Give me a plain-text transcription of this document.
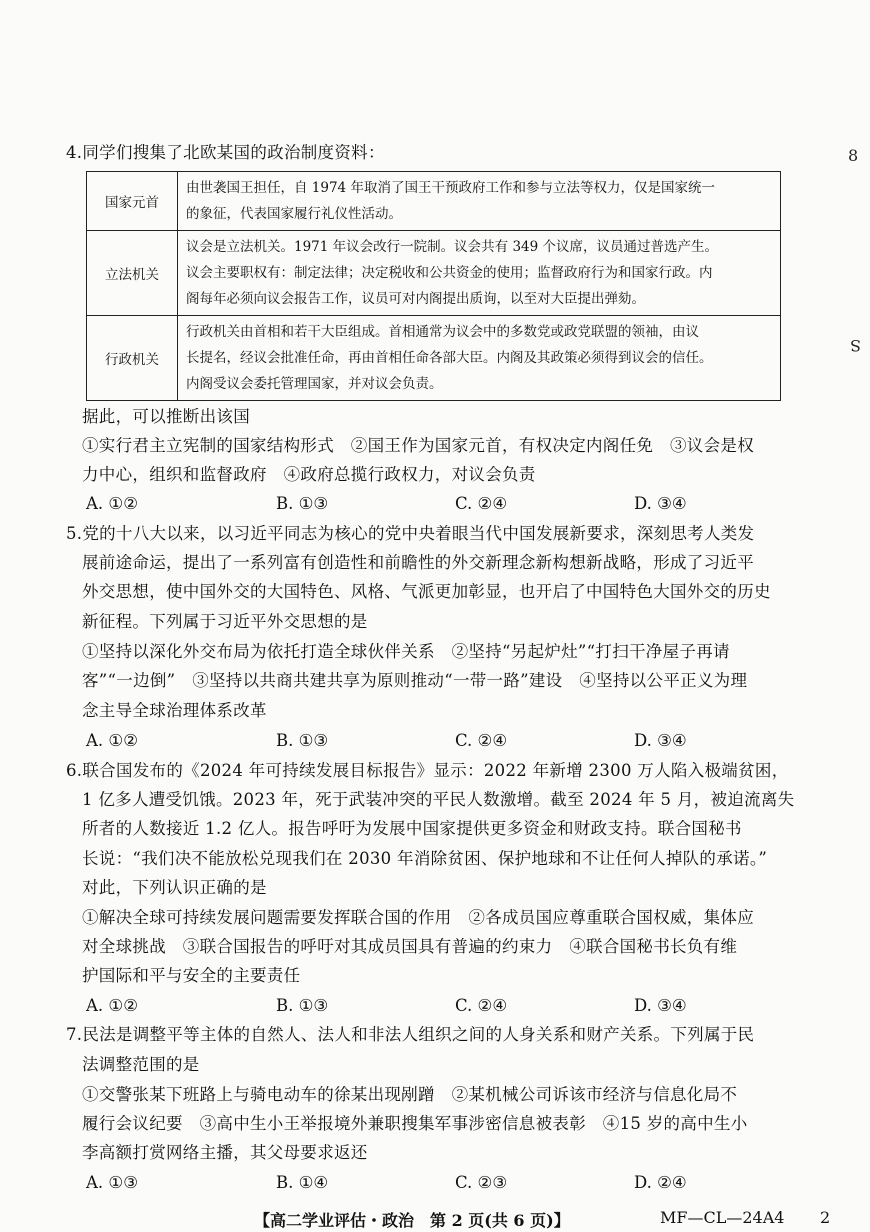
8
S
4.同学们搜集了北欧某国的政治制度资料：
国家元首	由世袭国王担任，自 1974 年取消了国王干预政府工作和参与立法等权力，仅是国家统一
的象征，代表国家履行礼仪性活动。

立法机关	议会是立法机关。1971 年议会改行一院制。议会共有 349 个议席，议员通过普选产生。
议会主要职权有：制定法律；决定税收和公共资金的使用；监督政府行为和国家行政。内
阁每年必须向议会报告工作，议员可对内阁提出质询，以至对大臣提出弹劾。

行政机关	行政机关由首相和若干大臣组成。首相通常为议会中的多数党或政党联盟的领袖，由议
长提名，经议会批准任命，再由首相任命各部大臣。内阁及其政策必须得到议会的信任。
内阁受议会委托管理国家，并对议会负责。
据此，可以推断出该国
①实行君主立宪制的国家结构形式　②国王作为国家元首，有权决定内阁任免　③议会是权
力中心，组织和监督政府　④政府总揽行政权力，对议会负责
A. ①②	B. ①③	C. ②④	D. ③④
5.党的十八大以来，以习近平同志为核心的党中央着眼当代中国发展新要求，深刻思考人类发
展前途命运，提出了一系列富有创造性和前瞻性的外交新理念新构想新战略，形成了习近平
外交思想，使中国外交的大国特色、风格、气派更加彰显，也开启了中国特色大国外交的历史
新征程。下列属于习近平外交思想的是
①坚持以深化外交布局为依托打造全球伙伴关系　②坚持“另起炉灶”“打扫干净屋子再请
客”“一边倒”　③坚持以共商共建共享为原则推动“一带一路”建设　④坚持以公平正义为理
念主导全球治理体系改革
A. ①②	B. ①③	C. ②④	D. ③④
6.联合国发布的《2024 年可持续发展目标报告》显示：2022 年新增 2300 万人陷入极端贫困，
1 亿多人遭受饥饿。2023 年，死于武装冲突的平民人数激增。截至 2024 年 5 月，被迫流离失
所者的人数接近 1.2 亿人。报告呼吁为发展中国家提供更多资金和财政支持。联合国秘书
长说：“我们决不能放松兑现我们在 2030 年消除贫困、保护地球和不让任何人掉队的承诺。”
对此，下列认识正确的是
①解决全球可持续发展问题需要发挥联合国的作用　②各成员国应尊重联合国权威，集体应
对全球挑战　③联合国报告的呼吁对其成员国具有普遍的约束力　④联合国秘书长负有维
护国际和平与安全的主要责任
A. ①②	B. ①③	C. ②④	D. ③④
7.民法是调整平等主体的自然人、法人和非法人组织之间的人身关系和财产关系。下列属于民
法调整范围的是
①交警张某下班路上与骑电动车的徐某出现剐蹭　②某机械公司诉该市经济与信息化局不
履行会议纪要　③高中生小王举报境外兼职搜集军事涉密信息被表彰　④15 岁的高中生小
李高额打赏网络主播，其父母要求返还
A. ①③	B. ①④	C. ②③	D. ②④
【高二学业评估・政治　第 2 页(共 6 页)】	MF—CL—24A4 2
